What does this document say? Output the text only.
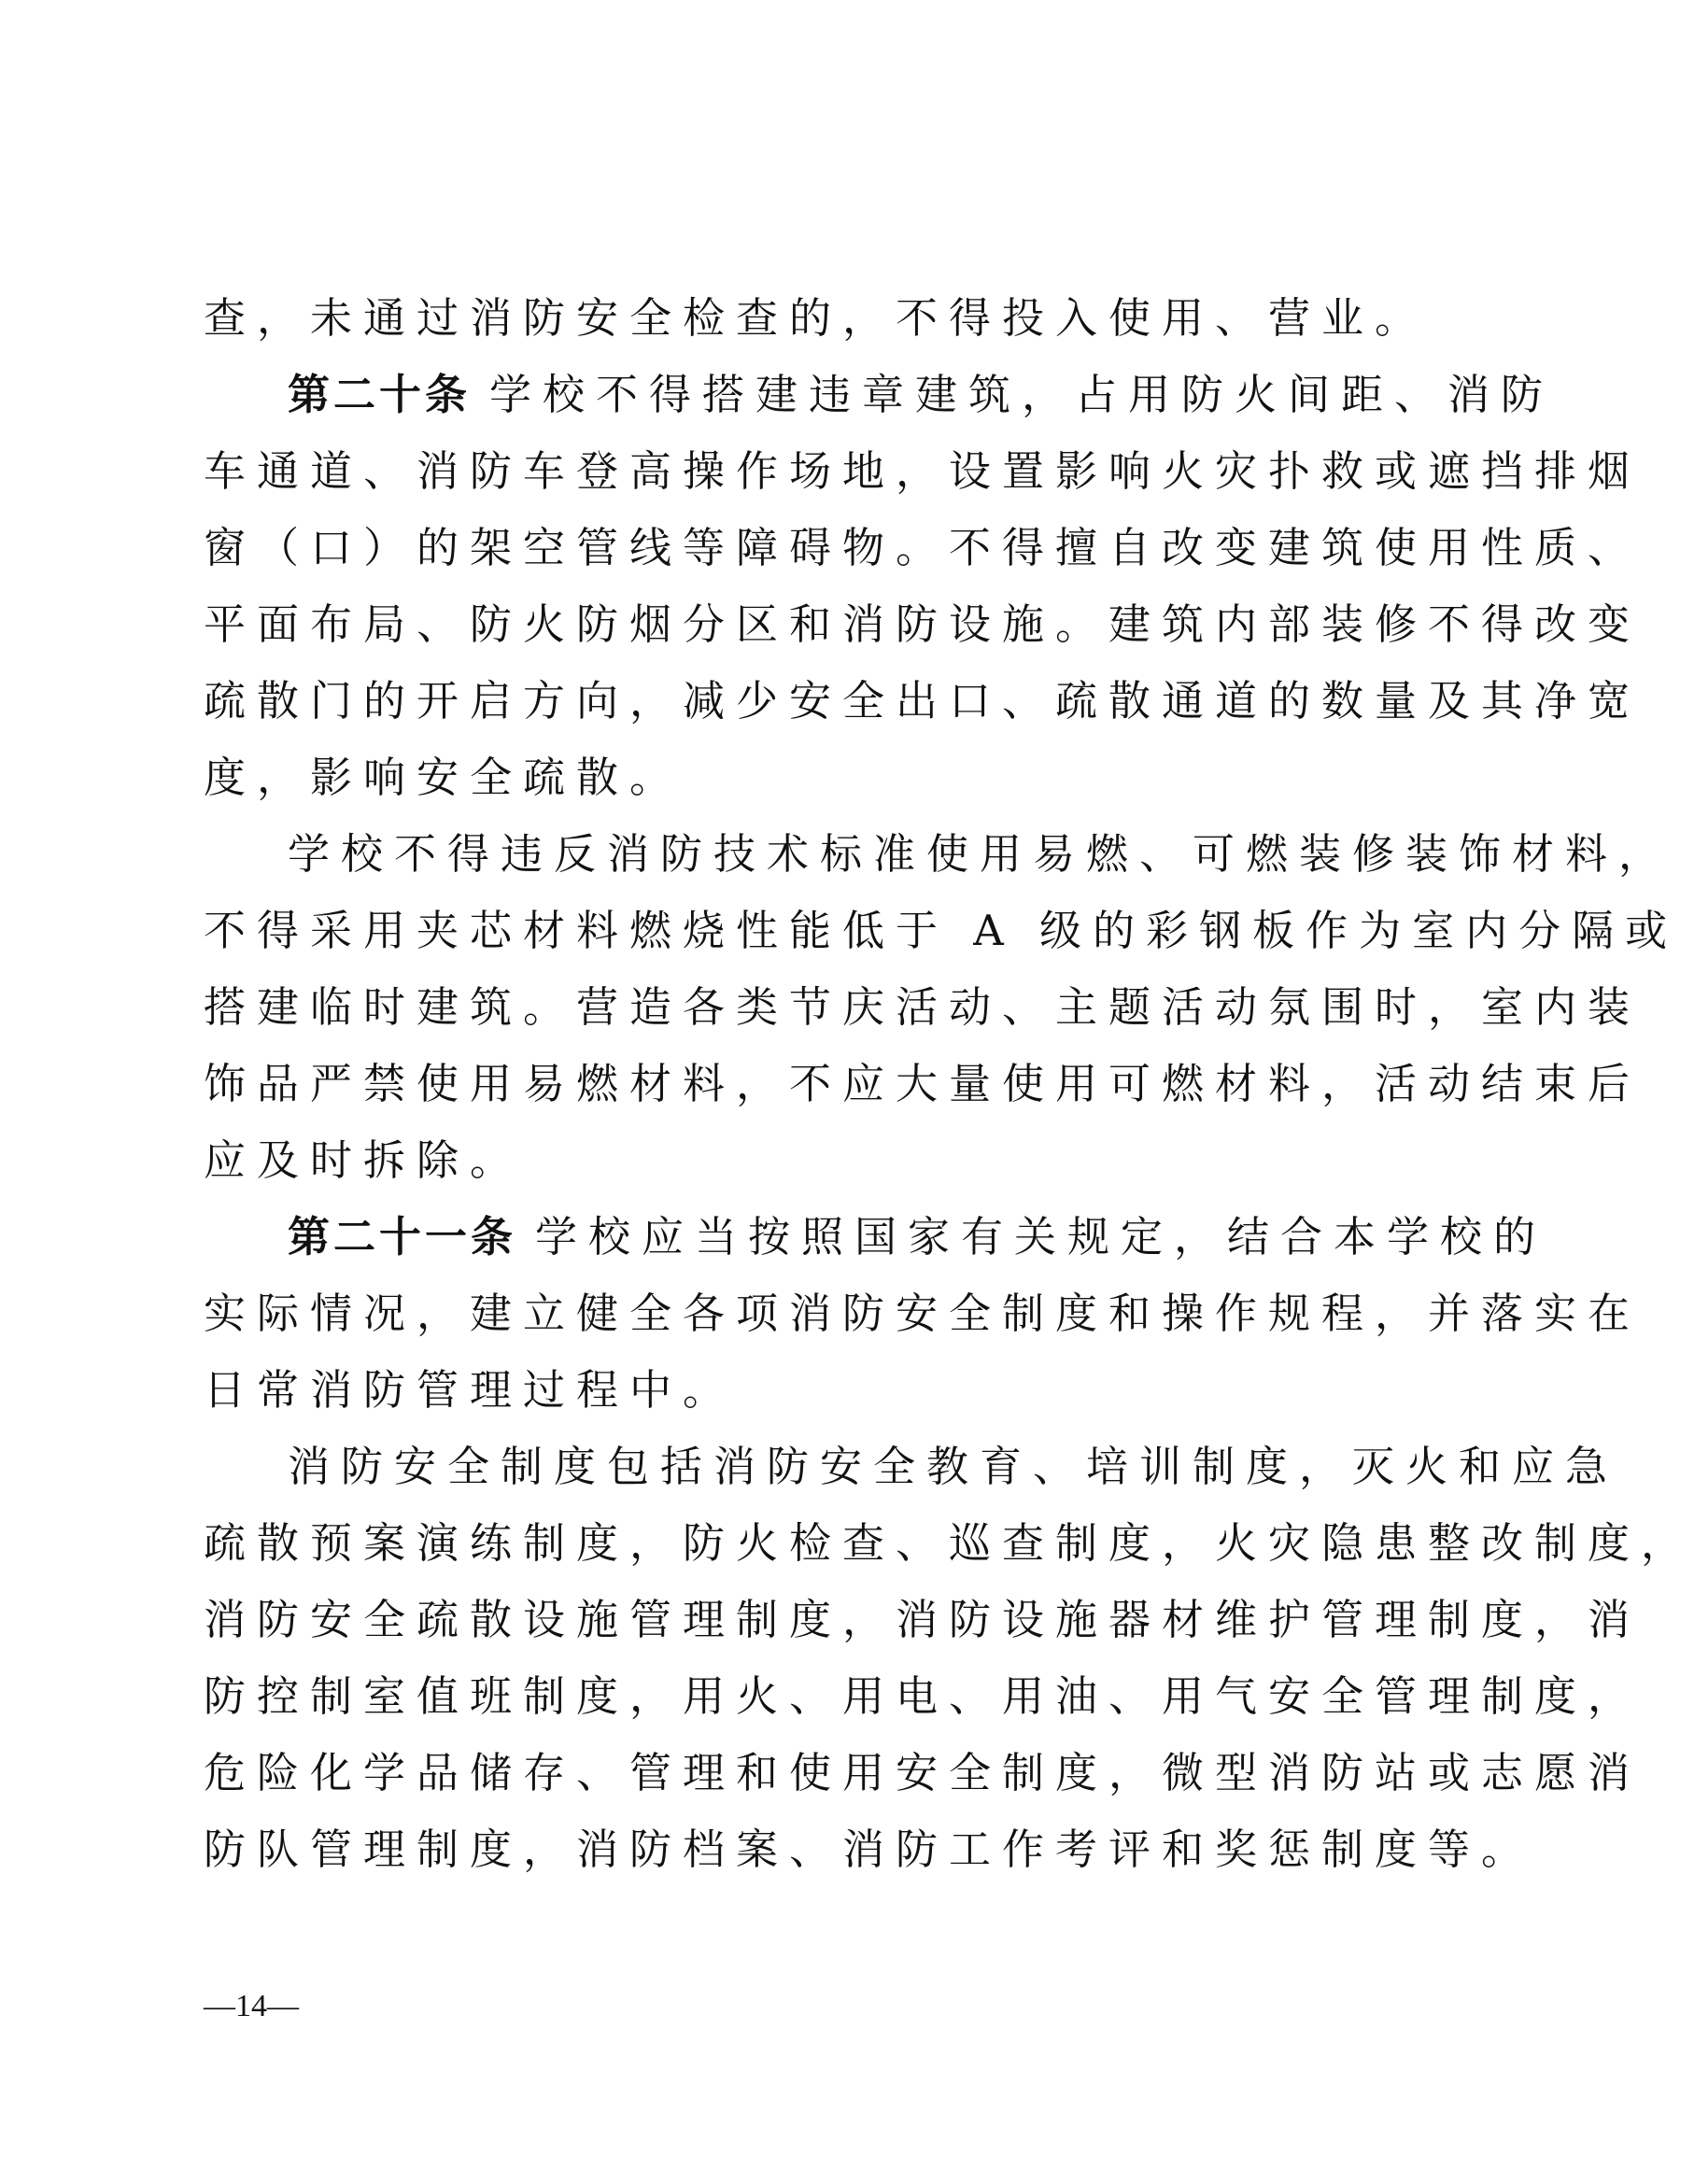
查，未通过消防安全检查的，不得投入使用、营业。
第二十条 学校不得搭建违章建筑，占用防火间距、消防
车通道、消防车登高操作场地，设置影响火灾扑救或遮挡排烟
窗（口）的架空管线等障碍物。不得擅自改变建筑使用性质、
平面布局、防火防烟分区和消防设施。建筑内部装修不得改变
疏散门的开启方向，减少安全出口、疏散通道的数量及其净宽
度，影响安全疏散。
学校不得违反消防技术标准使用易燃、可燃装修装饰材料，
不得采用夹芯材料燃烧性能低于 A 级的彩钢板作为室内分隔或
搭建临时建筑。营造各类节庆活动、主题活动氛围时，室内装
饰品严禁使用易燃材料，不应大量使用可燃材料，活动结束后
应及时拆除。
第二十一条 学校应当按照国家有关规定，结合本学校的
实际情况，建立健全各项消防安全制度和操作规程，并落实在
日常消防管理过程中。
消防安全制度包括消防安全教育、培训制度，灭火和应急
疏散预案演练制度，防火检查、巡查制度，火灾隐患整改制度，
消防安全疏散设施管理制度，消防设施器材维护管理制度，消
防控制室值班制度，用火、用电、用油、用气安全管理制度，
危险化学品储存、管理和使用安全制度，微型消防站或志愿消
防队管理制度，消防档案、消防工作考评和奖惩制度等。
—14—
